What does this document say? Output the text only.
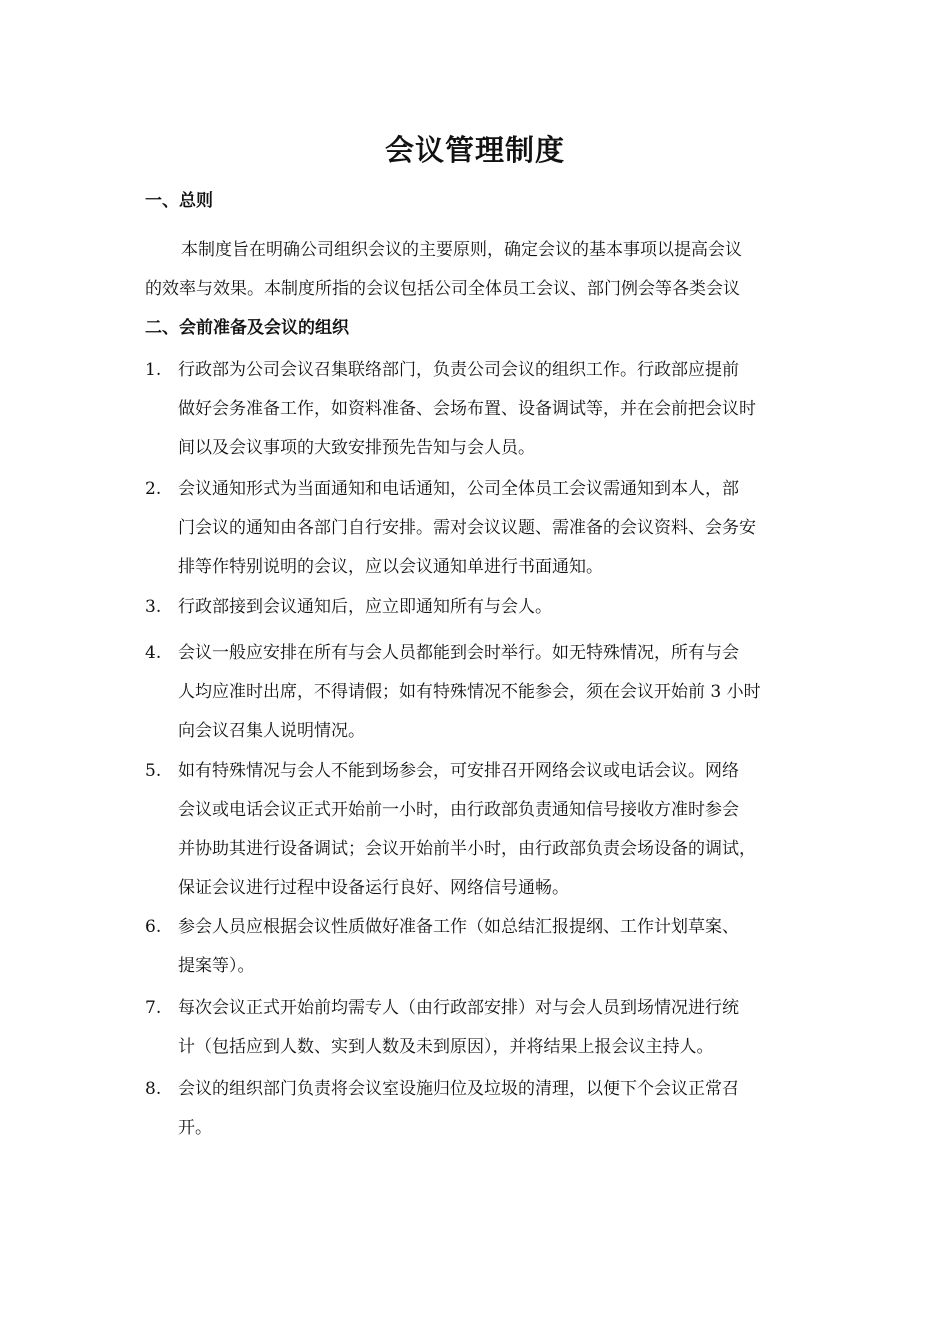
会议管理制度
一、总则
本制度旨在明确公司组织会议的主要原则，确定会议的基本事项以提高会议
的效率与效果。本制度所指的会议包括公司全体员工会议、部门例会等各类会议
二、会前准备及会议的组织
1. 行政部为公司会议召集联络部门，负责公司会议的组织工作。行政部应提前
做好会务准备工作，如资料准备、会场布置、设备调试等，并在会前把会议时
间以及会议事项的大致安排预先告知与会人员。
2. 会议通知形式为当面通知和电话通知，公司全体员工会议需通知到本人，部
门会议的通知由各部门自行安排。需对会议议题、需准备的会议资料、会务安
排等作特别说明的会议，应以会议通知单进行书面通知。
3. 行政部接到会议通知后，应立即通知所有与会人。
4. 会议一般应安排在所有与会人员都能到会时举行。如无特殊情况，所有与会
人均应准时出席，不得请假；如有特殊情况不能参会，须在会议开始前 3 小时
向会议召集人说明情况。
5. 如有特殊情况与会人不能到场参会，可安排召开网络会议或电话会议。网络
会议或电话会议正式开始前一小时，由行政部负责通知信号接收方准时参会
并协助其进行设备调试；会议开始前半小时，由行政部负责会场设备的调试，
保证会议进行过程中设备运行良好、网络信号通畅。
6. 参会人员应根据会议性质做好准备工作（如总结汇报提纲、工作计划草案、
提案等）。
7. 每次会议正式开始前均需专人（由行政部安排）对与会人员到场情况进行统
计（包括应到人数、实到人数及未到原因），并将结果上报会议主持人。
8. 会议的组织部门负责将会议室设施归位及垃圾的清理，以便下个会议正常召
开。
